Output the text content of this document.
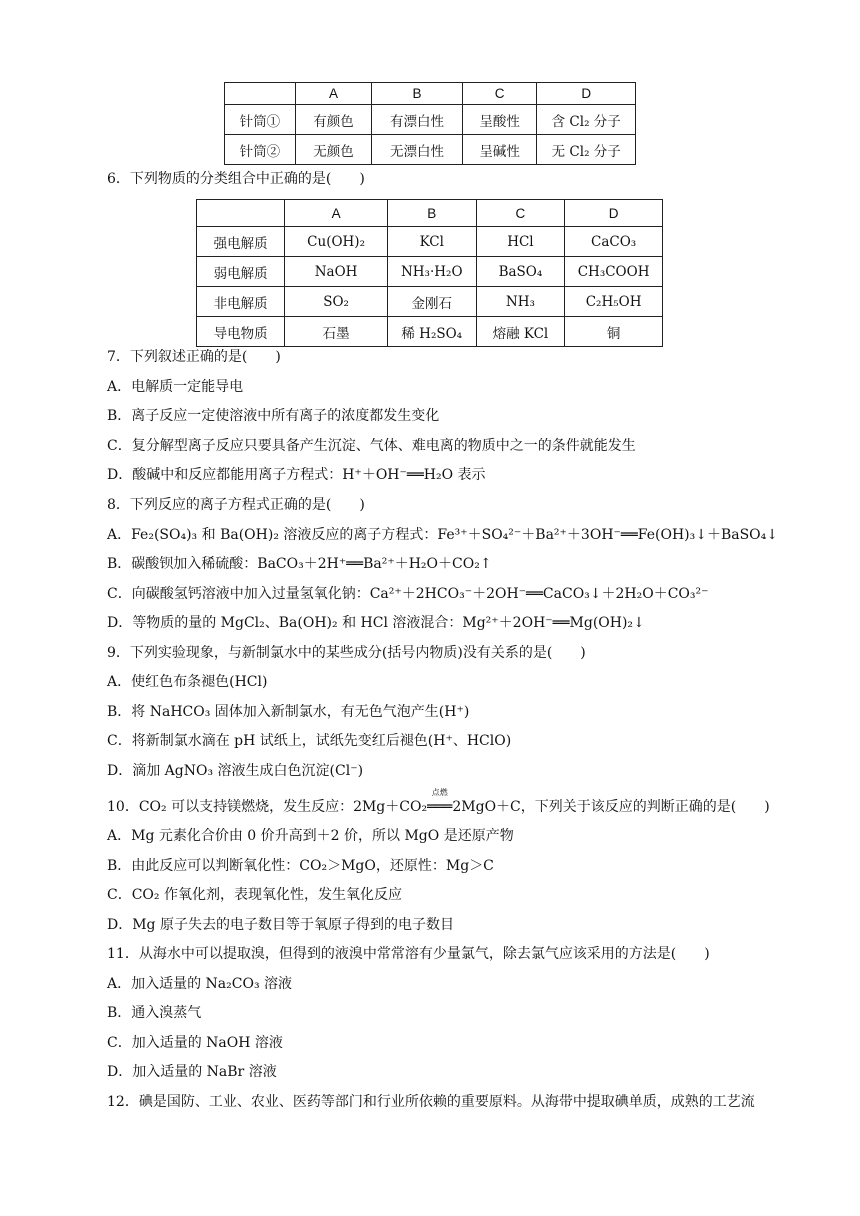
	A	B	C	D
针筒①	有颜色	有漂白性	呈酸性	含 Cl₂ 分子
针筒②	无颜色	无漂白性	呈碱性	无 Cl₂ 分子
6．下列物质的分类组合中正确的是(　　)
	A	B	C	D
强电解质	Cu(OH)₂	KCl	HCl	CaCO₃
弱电解质	NaOH	NH₃·H₂O	BaSO₄	CH₃COOH
非电解质	SO₂	金刚石	NH₃	C₂H₅OH
导电物质	石墨	稀 H₂SO₄	熔融 KCl	铜
7．下列叙述正确的是(　　)
A．电解质一定能导电
B．离子反应一定使溶液中所有离子的浓度都发生变化
C．复分解型离子反应只要具备产生沉淀、气体、难电离的物质中之一的条件就能发生
D．酸碱中和反应都能用离子方程式：H⁺＋OH⁻══H₂O 表示
8．下列反应的离子方程式正确的是(　　)
A．Fe₂(SO₄)₃ 和 Ba(OH)₂ 溶液反应的离子方程式：Fe³⁺＋SO₄²⁻＋Ba²⁺＋3OH⁻══Fe(OH)₃↓＋BaSO₄↓
B．碳酸钡加入稀硫酸：BaCO₃＋2H⁺══Ba²⁺＋H₂O＋CO₂↑
C．向碳酸氢钙溶液中加入过量氢氧化钠：Ca²⁺＋2HCO₃⁻＋2OH⁻══CaCO₃↓＋2H₂O＋CO₃²⁻
D．等物质的量的 MgCl₂、Ba(OH)₂ 和 HCl 溶液混合：Mg²⁺＋2OH⁻══Mg(OH)₂↓
9．下列实验现象，与新制氯水中的某些成分(括号内物质)没有关系的是(　　)
A．使红色布条褪色(HCl)
B．将 NaHCO₃ 固体加入新制氯水，有无色气泡产生(H⁺)
C．将新制氯水滴在 pH 试纸上，试纸先变红后褪色(H⁺、HClO)
D．滴加 AgNO₃ 溶液生成白色沉淀(Cl⁻)
10．CO₂ 可以支持镁燃烧，发生反应：2Mg＋CO₂
点燃
═══2MgO＋C，下列关于该反应的判断正确的是(　　)
A．Mg 元素化合价由 0 价升高到＋2 价，所以 MgO 是还原产物
B．由此反应可以判断氧化性：CO₂＞MgO，还原性：Mg＞C
C．CO₂ 作氧化剂，表现氧化性，发生氧化反应
D．Mg 原子失去的电子数目等于氧原子得到的电子数目
11．从海水中可以提取溴，但得到的液溴中常常溶有少量氯气，除去氯气应该采用的方法是(　　)
A．加入适量的 Na₂CO₃ 溶液
B．通入溴蒸气
C．加入适量的 NaOH 溶液
D．加入适量的 NaBr 溶液
12．碘是国防、工业、农业、医药等部门和行业所依赖的重要原料。从海带中提取碘单质，成熟的工艺流
